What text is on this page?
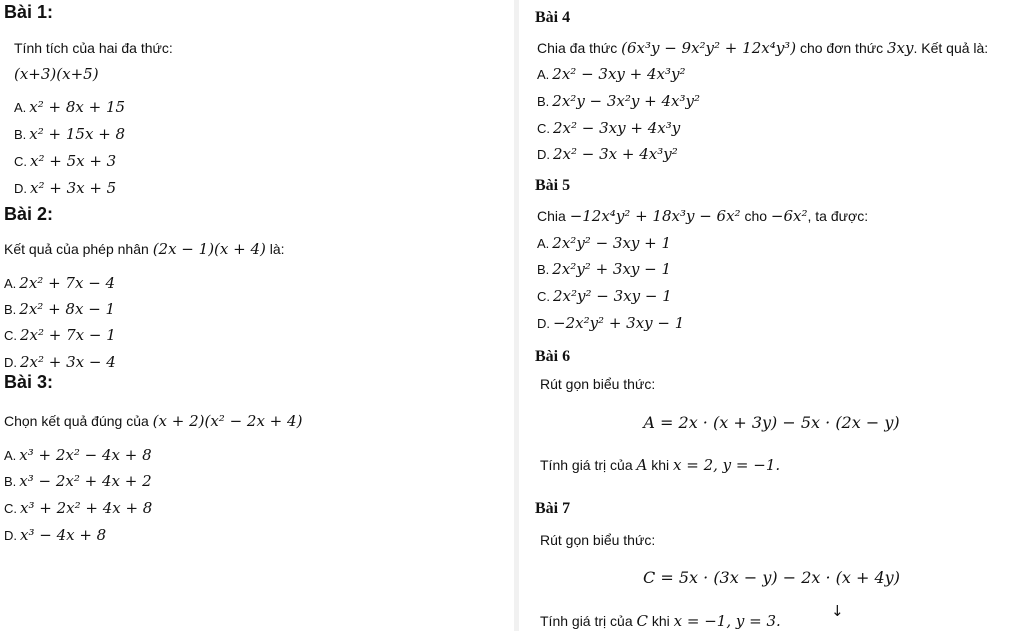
Bài 1:
Tính tích của hai đa thức:
(x+3)(x+5)
A. x² + 8x + 15
B. x² + 15x + 8
C. x² + 5x + 3
D. x² + 3x + 5
Bài 2:
Kết quả của phép nhân (2x − 1)(x + 4) là:
A. 2x² + 7x − 4
B. 2x² + 8x − 1
C. 2x² + 7x − 1
D. 2x² + 3x − 4
Bài 3:
Chọn kết quả đúng của (x + 2)(x² − 2x + 4)
A. x³ + 2x² − 4x + 8
B. x³ − 2x² + 4x + 2
C. x³ + 2x² + 4x + 8
D. x³ − 4x + 8
Bài 4
Chia đa thức (6x³y − 9x²y² + 12x⁴y³) cho đơn thức 3xy. Kết quả là:
A. 2x² − 3xy + 4x³y²
B. 2x²y − 3x²y + 4x³y²
C. 2x² − 3xy + 4x³y
D. 2x² − 3x + 4x³y²
Bài 5
Chia −12x⁴y² + 18x³y − 6x² cho −6x², ta được:
A. 2x²y² − 3xy + 1
B. 2x²y² + 3xy − 1
C. 2x²y² − 3xy − 1
D. −2x²y² + 3xy − 1
Bài 6
Rút gọn biểu thức:
A = 2x · (x + 3y) − 5x · (2x − y)
Tính giá trị của A khi x = 2, y = −1.
Bài 7
Rút gọn biểu thức:
C = 5x · (3x − y) − 2x · (x + 4y)
Tính giá trị của C khi x = −1, y = 3.
↓
